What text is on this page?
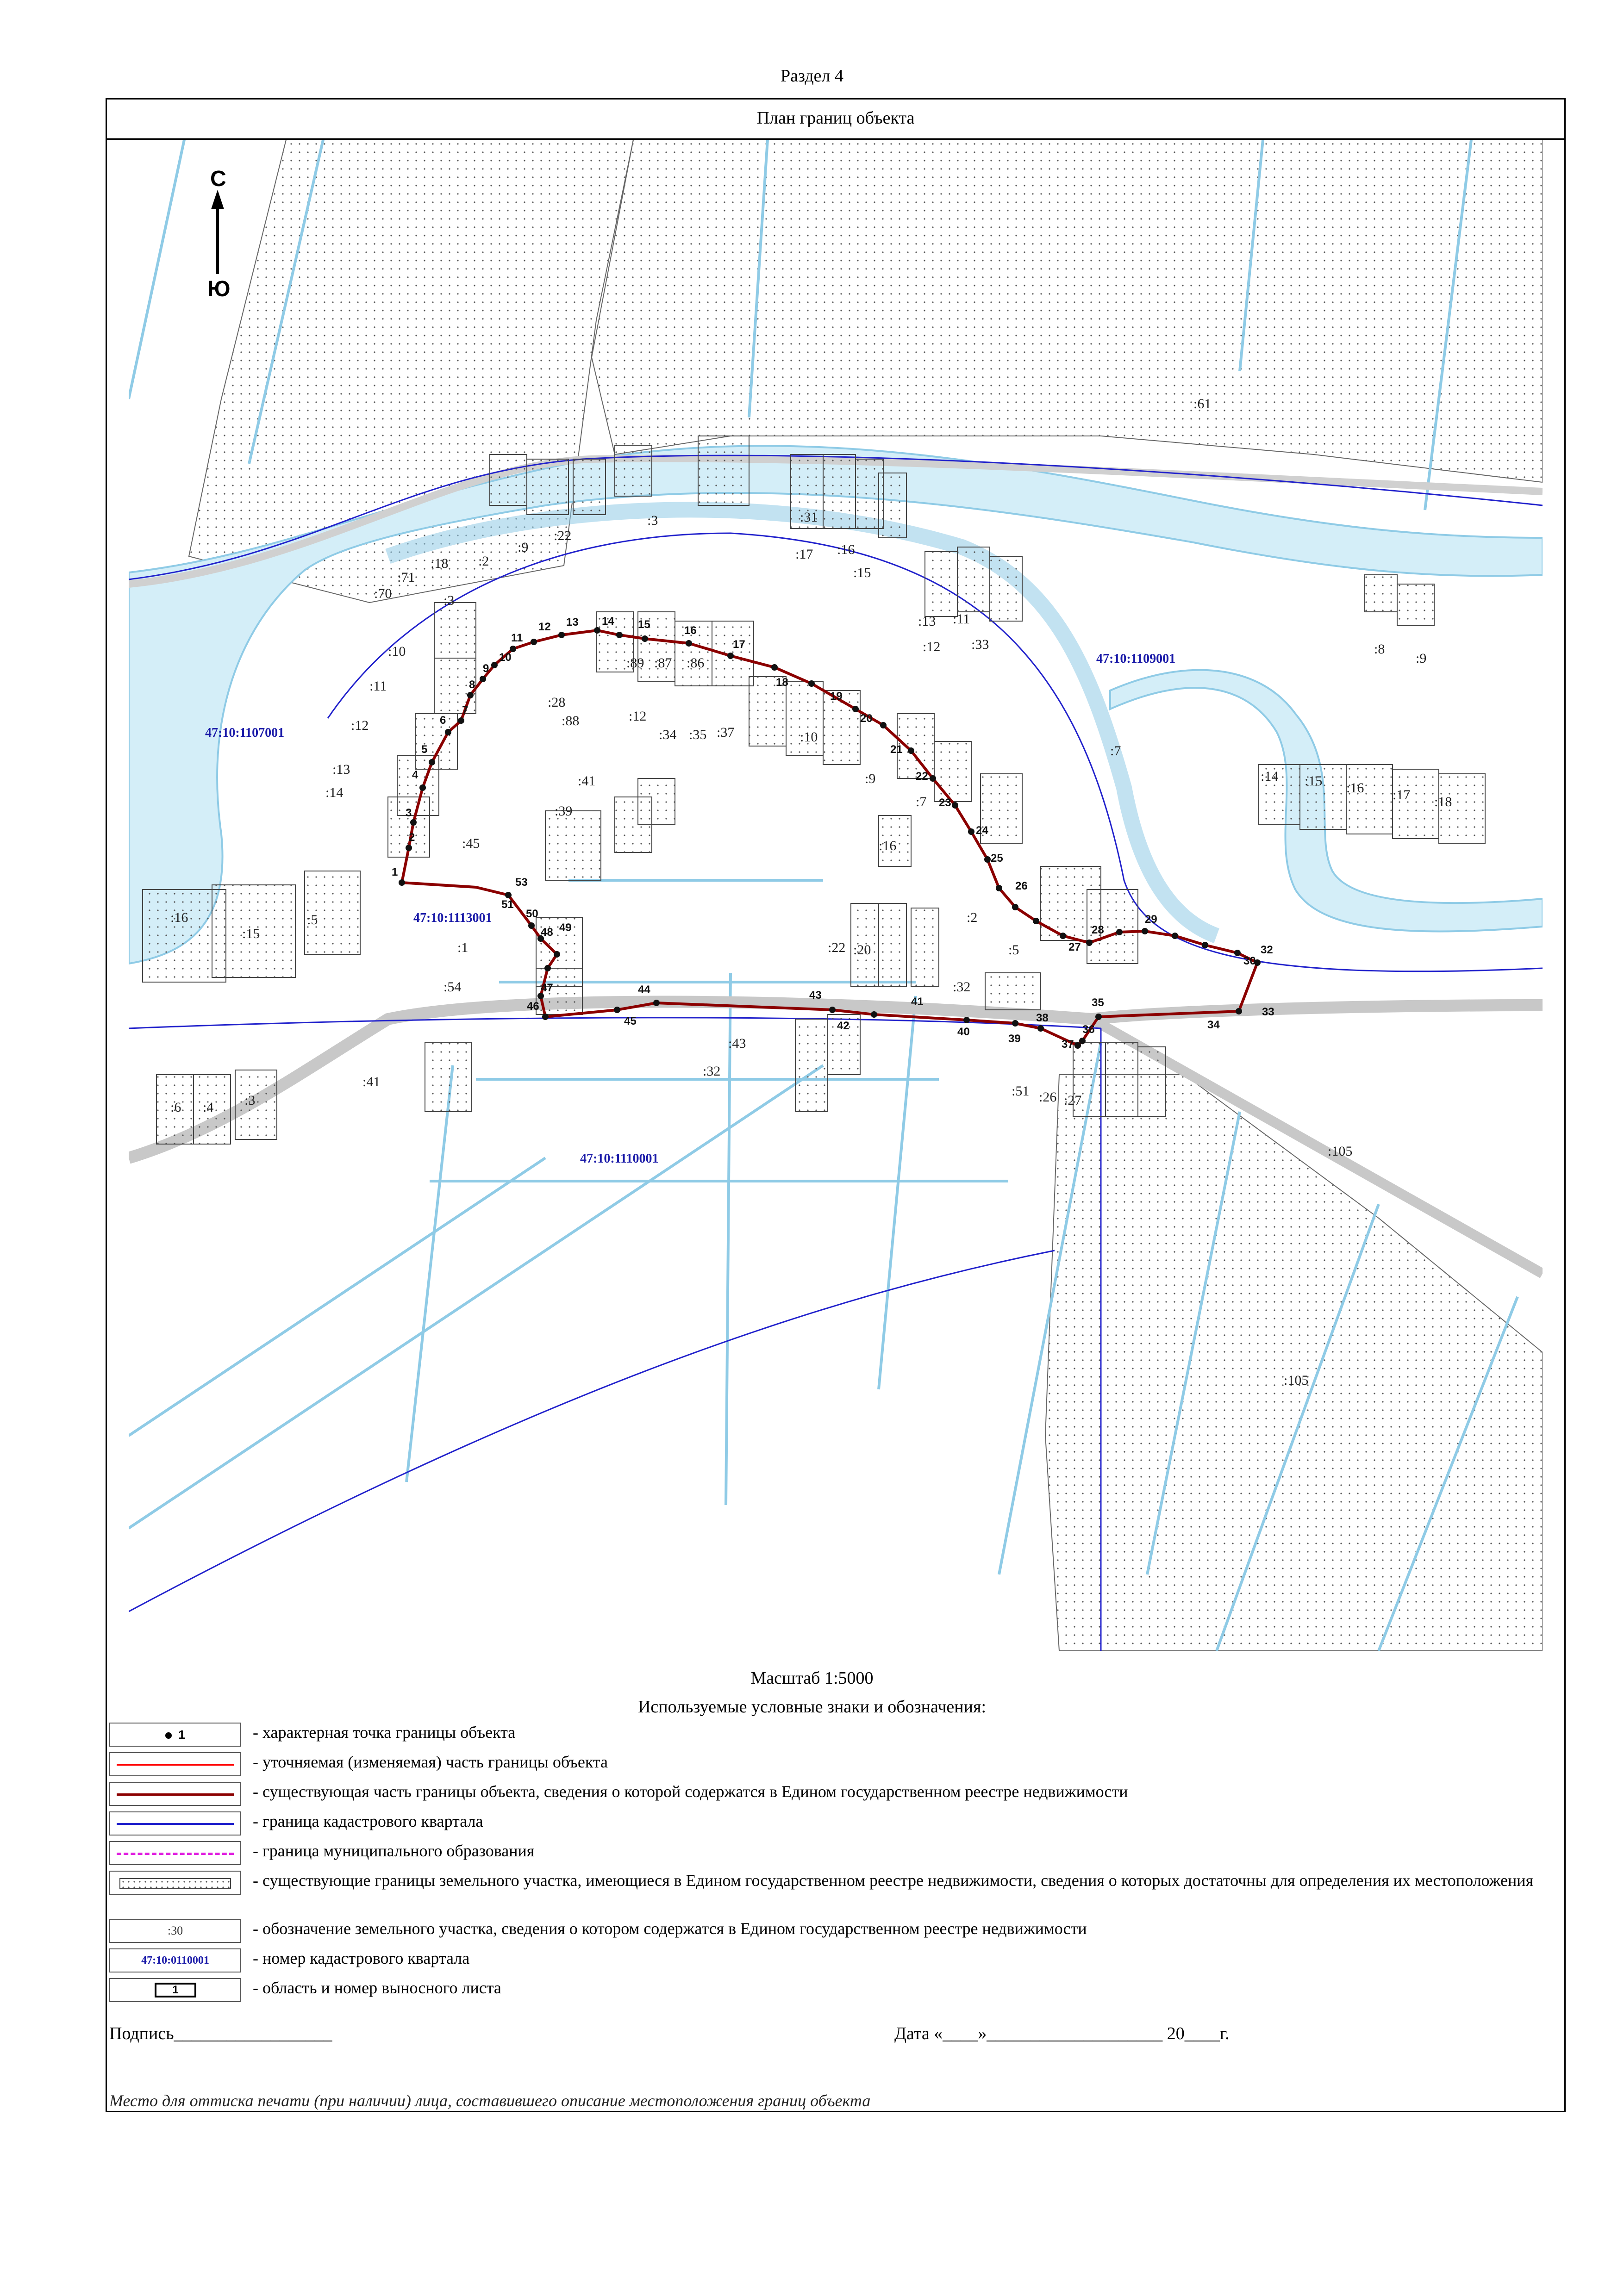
Раздел 4
План границ объекта
:61
:3
:22
:9
:2
:18
:71
:70	:3
:31
:17 :16
:15
:13 :11
:12 :33	:8
:9
:10
:11
:12
:13
:14
:28
:88
:89 :87 :86
:12
:34 :35 :37	:10
:9
:7
:16
:41
:39
:45
:14 :15 :16 :17 :18
:7
:16
:15
:5
:1
:54
:2
:5
:22 :20
:32
:43
:32
:51 :26 :27
:41
:6 :4 :3
:105
:105
47:10:1107001
47:10:1109001
47:10:1113001
47:10:1110001
1
2
3
4
5
6
7
8
9
10
11
12 13 14 15	16
17
18
19
20
21
22
23
24
25
26
27
28
29
30
32
33
34
35
36
37
38
39
40
41
42
43
44
45
46
47
48 49
50
51
53
С
Ю
Масштаб 1:5000
Используемые условные знаки и обозначения:
1	- характерная точка границы объекта
- уточняемая (изменяемая) часть границы объекта
- существующая часть границы объекта, сведения о которой содержатся в Едином государственном реестре недвижимости
- граница кадастрового квартала
- граница муниципального образования
- существующие границы земельного участка, имеющиеся в Едином государственном реестре недвижимости, сведения о которых достаточны для определения их местоположения
:30	- обозначение земельного участка, сведения о котором содержатся в Едином государственном реестре недвижимости
47:10:0110001	- номер кадастрового квартала
1	- область и номер выносного листа
Подпись__________________	Дата «____»____________________ 20____г.
Место для оттиска печати (при наличии) лица, составившего описание местоположения границ объекта
